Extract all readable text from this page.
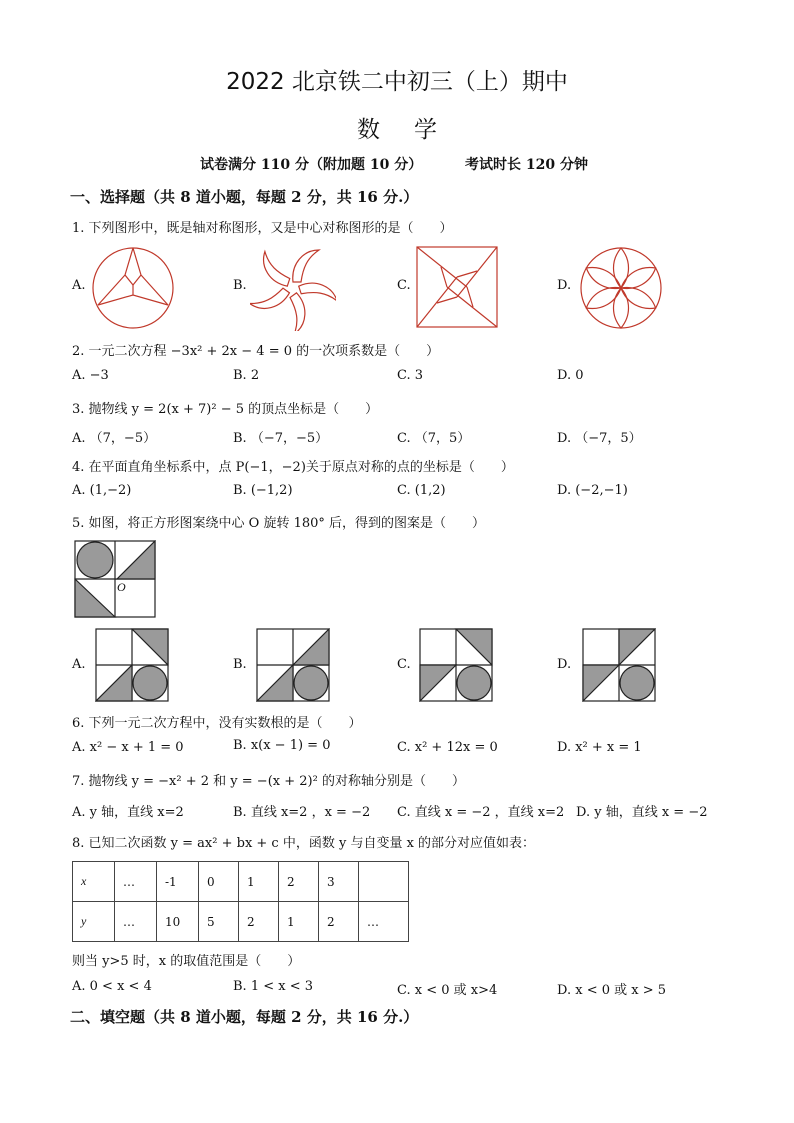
2022 北京铁二中初三（上）期中
数学
试卷满分 110 分（附加题 10 分）	考试时长 120 分钟
一、选择题（共 8 道小题，每题 2 分，共 16 分.）
1. 下列图形中，既是轴对称图形，又是中心对称图形的是（　　）
A.	B.	C.	D.
2. 一元二次方程 −3x² + 2x − 4 = 0 的一次项系数是（　　）
A. −3	B. 2	C. 3	D. 0
3. 抛物线 y = 2(x + 7)² − 5 的顶点坐标是（　　）
A. （7，−5）	B. （−7，−5）	C. （7，5）	D. （−7，5）
4. 在平面直角坐标系中，点 P(−1，−2)关于原点对称的点的坐标是（　　）
A. (1,−2)	B. (−1,2)	C. (1,2)	D. (−2,−1)
5. 如图，将正方形图案绕中心 O 旋转 180° 后，得到的图案是（　　）
O
A.	B.	C.	D.
6. 下列一元二次方程中，没有实数根的是（　　）
A. x² − x + 1 = 0	B. x(x − 1) = 0	C. x² + 12x = 0	D. x² + x = 1
7. 抛物线 y = −x² + 2 和 y = −(x + 2)² 的对称轴分别是（　　）
A. y 轴，直线 x=2	B. 直线 x=2 ，x = −2 C. 直线 x = −2 ，直线 x=2 D. y 轴，直线 x = −2
8. 已知二次函数 y = ax² + bx + c 中，函数 y 与自变量 x 的部分对应值如表：
x	…	-1	0	1	2	3	
y	…	10	5	2	1	2	…
则当 y>5 时，x 的取值范围是（　　）
A. 0 < x < 4	B. 1 < x < 3	C. x < 0 或 x>4	D. x < 0 或 x > 5
二、填空题（共 8 道小题，每题 2 分，共 16 分.）
